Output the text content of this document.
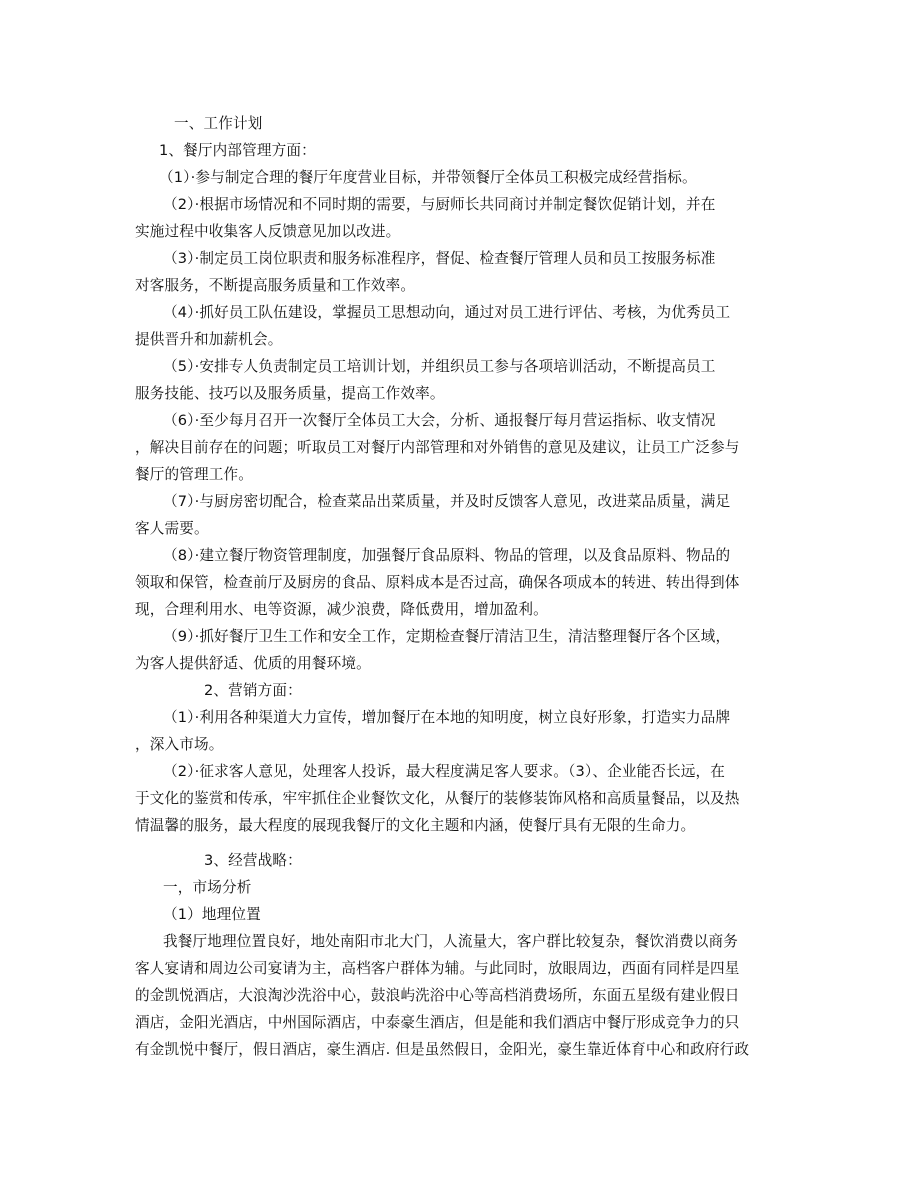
一、工作计划
1、餐厅内部管理方面：
（1）·参与制定合理的餐厅年度营业目标，并带领餐厅全体员工积极完成经营指标。
（2）·根据市场情况和不同时期的需要，与厨师长共同商讨并制定餐饮促销计划，并在
实施过程中收集客人反馈意见加以改进。
（3）·制定员工岗位职责和服务标准程序，督促、检查餐厅管理人员和员工按服务标准
对客服务，不断提高服务质量和工作效率。
（4）·抓好员工队伍建设，掌握员工思想动向，通过对员工进行评估、考核，为优秀员工
提供晋升和加薪机会。
（5）·安排专人负责制定员工培训计划，并组织员工参与各项培训活动，不断提高员工
服务技能、技巧以及服务质量，提高工作效率。
（6）·至少每月召开一次餐厅全体员工大会，分析、通报餐厅每月营运指标、收支情况
，解决目前存在的问题；听取员工对餐厅内部管理和对外销售的意见及建议，让员工广泛参与
餐厅的管理工作。
（7）·与厨房密切配合，检查菜品出菜质量，并及时反馈客人意见，改进菜品质量，满足
客人需要。
（8）·建立餐厅物资管理制度，加强餐厅食品原料、物品的管理，以及食品原料、物品的
领取和保管，检查前厅及厨房的食品、原料成本是否过高，确保各项成本的转进、转出得到体
现，合理利用水、电等资源，减少浪费，降低费用，增加盈利。
（9）·抓好餐厅卫生工作和安全工作，定期检查餐厅清洁卫生，清洁整理餐厅各个区域，
为客人提供舒适、优质的用餐环境。
2、营销方面：
（1）·利用各种渠道大力宣传，增加餐厅在本地的知明度，树立良好形象，打造实力品牌
，深入市场。
（2）·征求客人意见，处理客人投诉，最大程度满足客人要求。（3）、企业能否长远，在
于文化的鉴赏和传承，牢牢抓住企业餐饮文化，从餐厅的装修装饰风格和高质量餐品，以及热
情温馨的服务，最大程度的展现我餐厅的文化主题和内涵，使餐厅具有无限的生命力。
3、经营战略：
一，市场分析
（1）地理位置
我餐厅地理位置良好，地处南阳市北大门，人流量大，客户群比较复杂，餐饮消费以商务
客人宴请和周边公司宴请为主，高档客户群体为辅。与此同时，放眼周边，西面有同样是四星
的金凯悦酒店，大浪淘沙洗浴中心，鼓浪屿洗浴中心等高档消费场所，东面五星级有建业假日
酒店，金阳光酒店，中州国际酒店，中泰豪生酒店，但是能和我们酒店中餐厅形成竞争力的只
有金凯悦中餐厅，假日酒店，豪生酒店. 但是虽然假日，金阳光，豪生靠近体育中心和政府行政
